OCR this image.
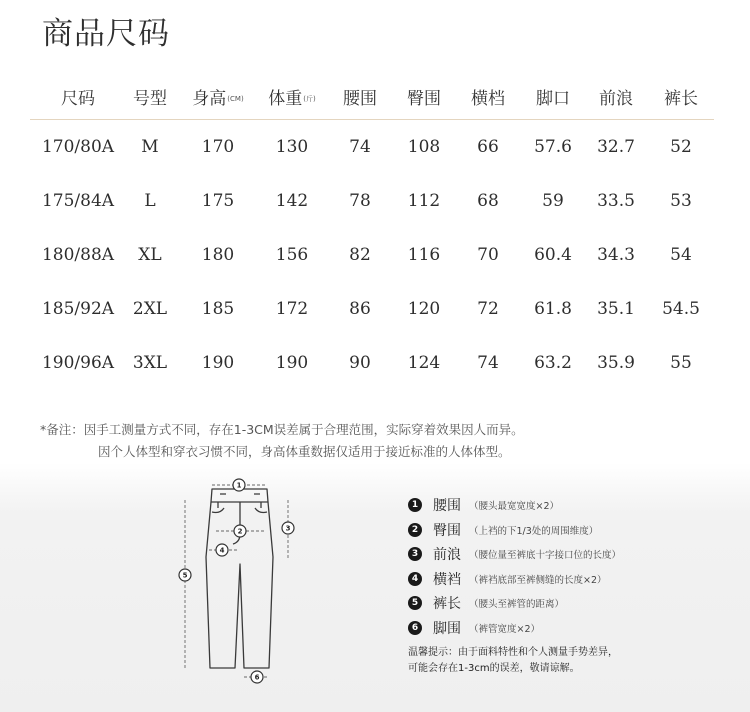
商品尺码
尺码 号型 身高(CM) 体重(斤) 腰围 臀围 横档 脚口 前浪 裤长
170/80A M	170 130 74 108 66 57.6 32.7 52
175/84A L	175 142 78 112 68	59 33.5 53
180/88A XL 180 156 82 116 70 60.4 34.3 54
185/92A 2XL 185 172 86 120 72 61.8 35.1 54.5
190/96A 3XL 190 190 90 124 74 63.2 35.9 55
*备注：因手工测量方式不同，存在1-3CM误差属于合理范围，实际穿着效果因人而异。
因个人体型和穿衣习惯不同，身高体重数据仅适用于接近标准的人体体型。
1
2	3
4
5
6
1 腰围 （腰头最宽宽度×2）
2 臀围 （上裆的下1/3处的周围维度）
3 前浪 （腰位量至裤底十字接口位的长度）
4 横裆 （裤裆底部至裤侧缝的长度×2）
5 裤长 （腰头至裤管的距离）
6 脚围 （裤管宽度×2）
温馨提示：由于面料特性和个人测量手势差异，
可能会存在1-3cm的误差，敬请谅解。
